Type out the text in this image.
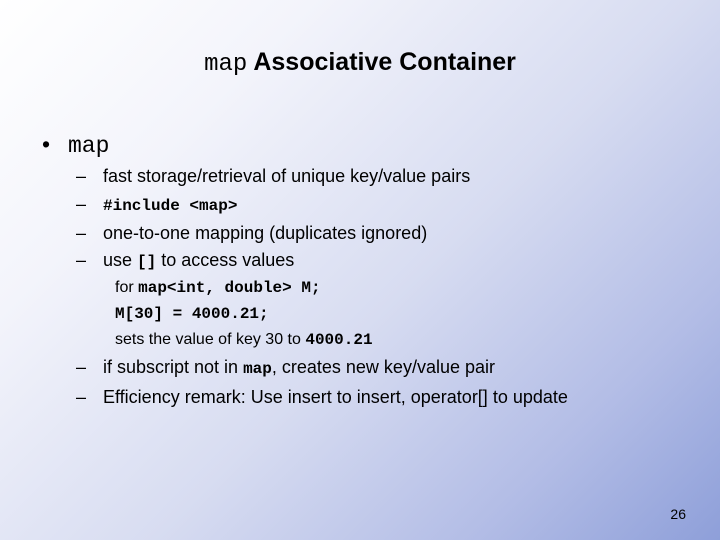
map Associative Container
• map
– fast storage/retrieval of unique key/value pairs
– #include <map>
– one-to-one mapping (duplicates ignored)
– use [] to access values
for map<int, double> M;
M[30] = 4000.21;
sets the value of key 30 to 4000.21
– if subscript not in map, creates new key/value pair
– Efficiency remark: Use insert to insert, operator[] to update
26
